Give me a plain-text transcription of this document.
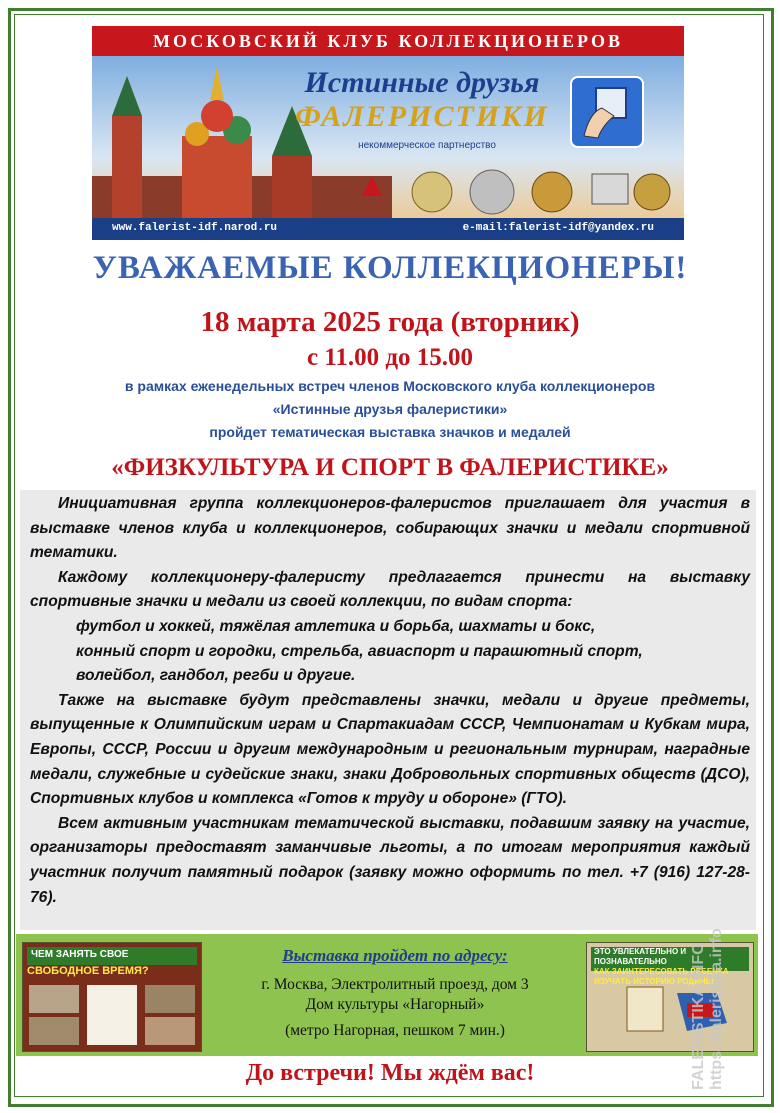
МОСКОВСКИЙ КЛУБ КОЛЛЕКЦИОНЕРОВ
Истинные друзья
ФАЛЕРИСТИКИ
некоммерческое партнерство
www.falerist-idf.narod.ru	e-mail:falerist-idf@yandex.ru
УВАЖАЕМЫЕ КОЛЛЕКЦИОНЕРЫ!
18 марта 2025 года (вторник)
с 11.00 до 15.00
в рамках еженедельных встреч членов Московского клуба коллекционеров
«Истинные друзья фалеристики»
пройдет тематическая выставка значков и медалей
«ФИЗКУЛЬТУРА И СПОРТ В ФАЛЕРИСТИКЕ»

Инициативная группа коллекционеров-фалеристов приглашает для участия в выставке членов клуба и коллекционеров, собирающих значки и медали спортивной тематики.

Каждому коллекционеру-фалеристу предлагается принести на выставку спортивные значки и медали из своей коллекции, по видам спорта:

футбол и хоккей, тяжёлая атлетика и борьба, шахматы и бокс,

конный спорт и городки, стрельба, авиаспорт и парашютный спорт,

волейбол, гандбол, регби и другие.

Также на выставке будут представлены значки, медали и другие предметы, выпущенные к Олимпийским играм и Спартакиадам СССР, Чемпионатам и Кубкам мира, Европы, СССР, России и другим международным и региональным турнирам, наградные медали, служебные и судейские знаки, знаки Добровольных спортивных обществ (ДСО), Спортивных клубов и комплекса «Готов к труду и обороне» (ГТО).

Всем активным участникам тематической выставки, подавшим заявку на участие, организаторы предоставят заманчивые льготы, а по итогам мероприятия каждый участник получит памятный подарок (заявку можно оформить по тел. +7 (916) 127-28-76).

ЧЕМ ЗАНЯТЬ СВОЕ
СВОБОДНОЕ ВРЕМЯ?
Выставка пройдет по адресу:
г. Москва, Электролитный проезд, дом 3
Дом культуры «Нагорный»
(метро Нагорная, пешком 7 мин.)
ЭТО УВЛЕКАТЕЛЬНО И ПОЗНАВАТЕЛЬНО
КАК ЗАИНТЕРЕСОВАТЬ РЕБЕНКА ИЗУЧАТЬ ИСТОРИЮ РОДИНЫ
FALERISTIKA.INFO https://faleristika.info
До встречи! Мы ждём вас!
